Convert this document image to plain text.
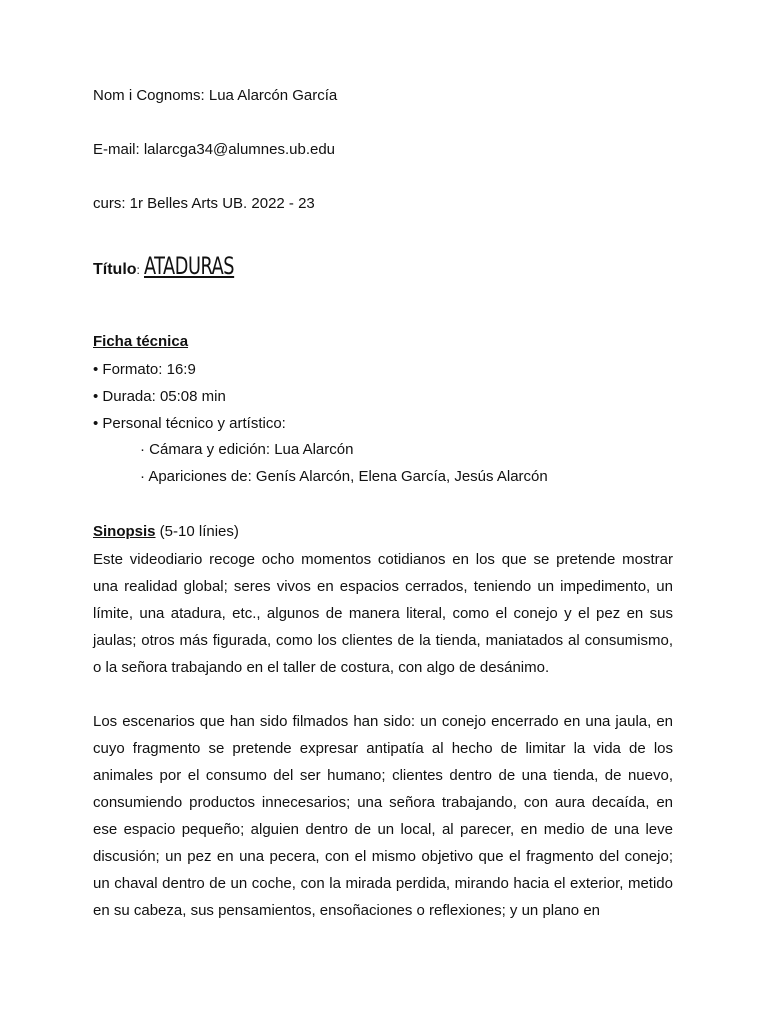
Nom i Cognoms: Lua Alarcón García
E-mail: lalarcga34@alumnes.ub.edu
curs: 1r Belles Arts UB. 2022 - 23
Título: ATADURAS
Ficha técnica
• Formato: 16:9
• Durada: 05:08 min
• Personal técnico y artístico:
· Cámara y edición: Lua Alarcón
· Apariciones de: Genís Alarcón, Elena García, Jesús Alarcón
Sinopsis (5-10 línies)

Este videodiario recoge ocho momentos cotidianos en los que se pretende mostrar una realidad global; seres vivos en espacios cerrados, teniendo un impedimento, un límite, una atadura, etc., algunos de manera literal, como el conejo y el pez en sus jaulas; otros más figurada, como los clientes de la tienda, maniatados al consumismo, o la señora trabajando en el taller de costura, con algo de desánimo.

Los escenarios que han sido filmados han sido: un conejo encerrado en una jaula, en cuyo fragmento se pretende expresar antipatía al hecho de limitar la vida de los animales por el consumo del ser humano; clientes dentro de una tienda, de nuevo, consumiendo productos innecesarios; una señora trabajando, con aura decaída, en ese espacio pequeño; alguien dentro de un local, al parecer, en medio de una leve discusión; un pez en una pecera, con el mismo objetivo que el fragmento del conejo; un chaval dentro de un coche, con la mirada perdida, mirando hacia el exterior, metido en su cabeza, sus pensamientos, ensoñaciones o reflexiones; y un plano en
